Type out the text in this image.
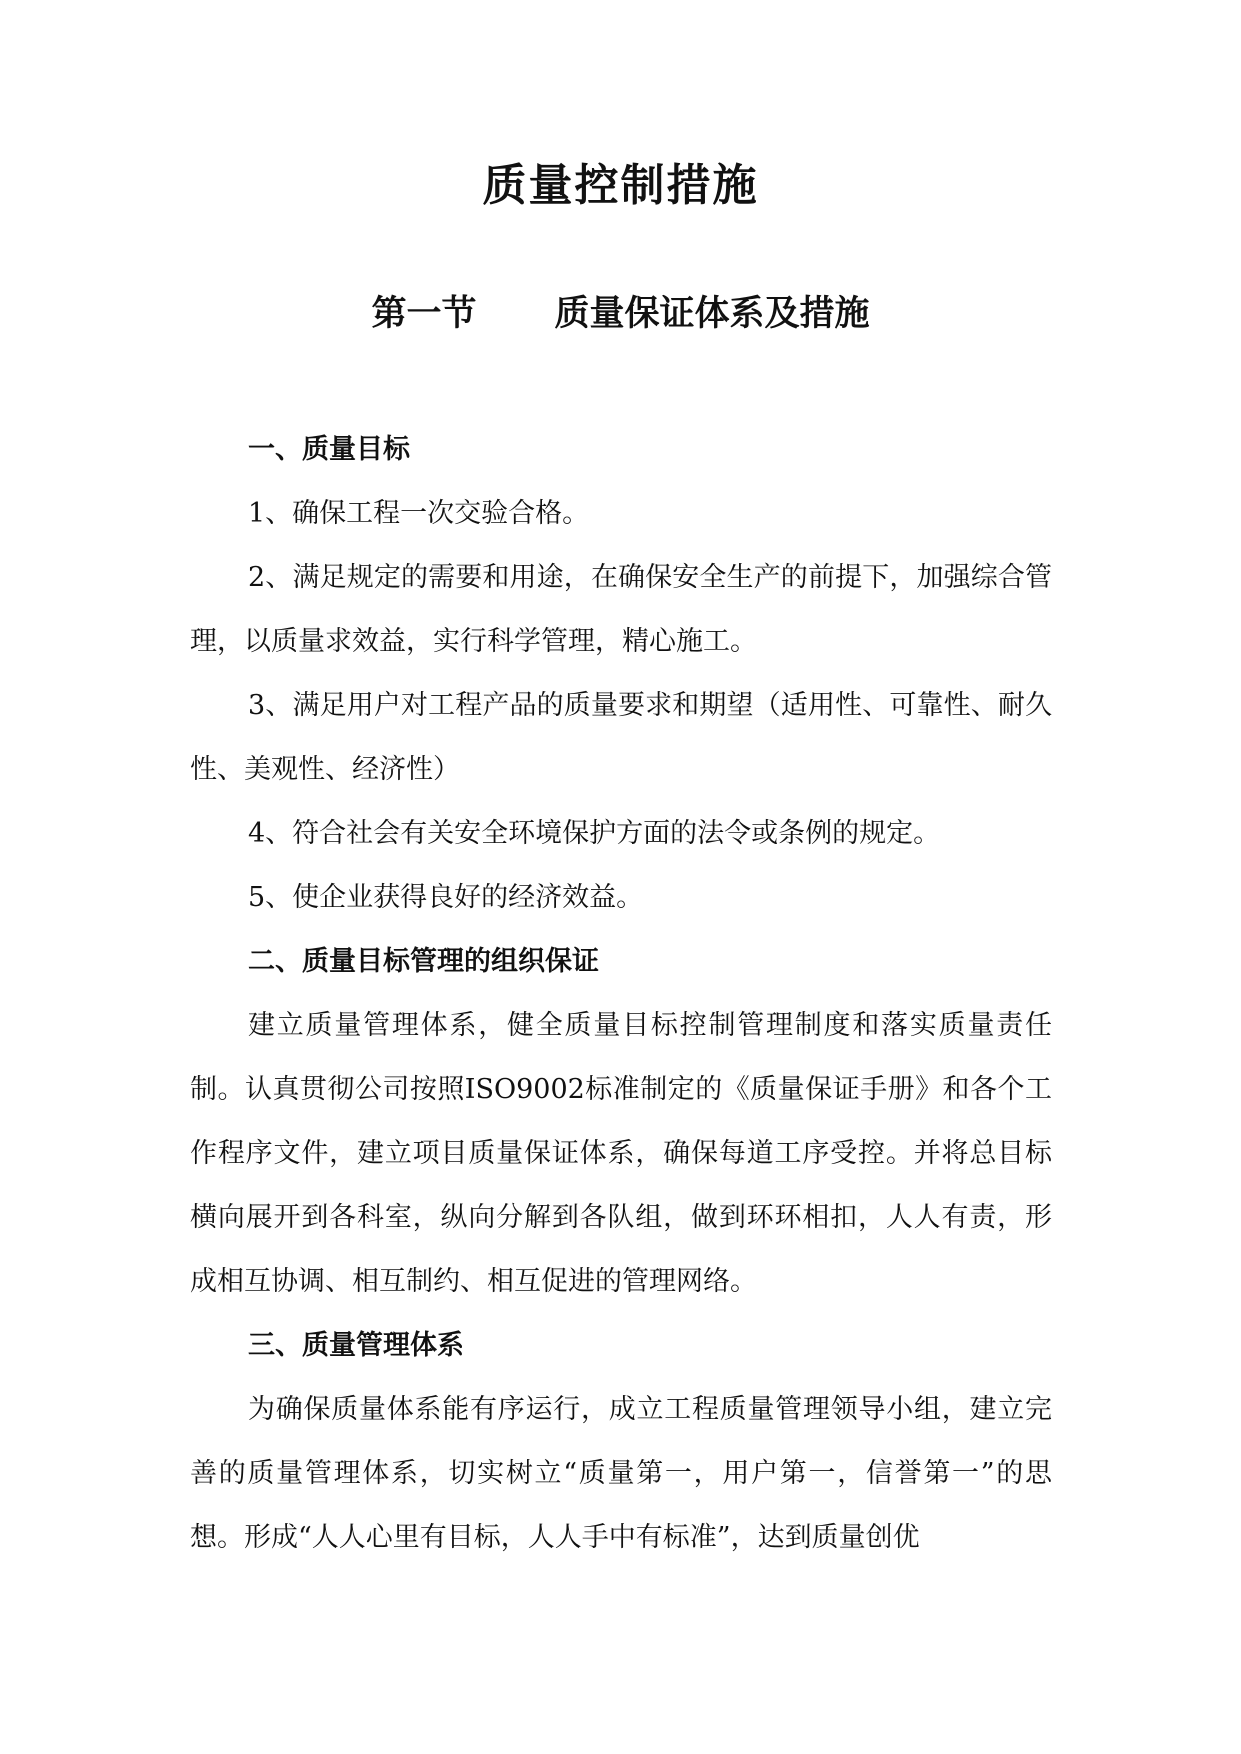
质量控制措施
第一节 质量保证体系及措施

一、质量目标

1、确保工程一次交验合格。

2、满足规定的需要和用途，在确保安全生产的前提下，加强综合管理，以质量求效益，实行科学管理，精心施工。

3、满足用户对工程产品的质量要求和期望（适用性、可靠性、耐久性、美观性、经济性）

4、符合社会有关安全环境保护方面的法令或条例的规定。

5、使企业获得良好的经济效益。

二、质量目标管理的组织保证

建立质量管理体系，健全质量目标控制管理制度和落实质量责任制。认真贯彻公司按照ISO9002标准制定的《质量保证手册》和各个工作程序文件，建立项目质量保证体系，确保每道工序受控。并将总目标横向展开到各科室，纵向分解到各队组，做到环环相扣，人人有责，形成相互协调、相互制约、相互促进的管理网络。

三、质量管理体系

为确保质量体系能有序运行，成立工程质量管理领导小组，建立完善的质量管理体系，切实树立“质量第一，用户第一，信誉第一”的思想。形成“人人心里有目标，人人手中有标准”，达到质量创优
